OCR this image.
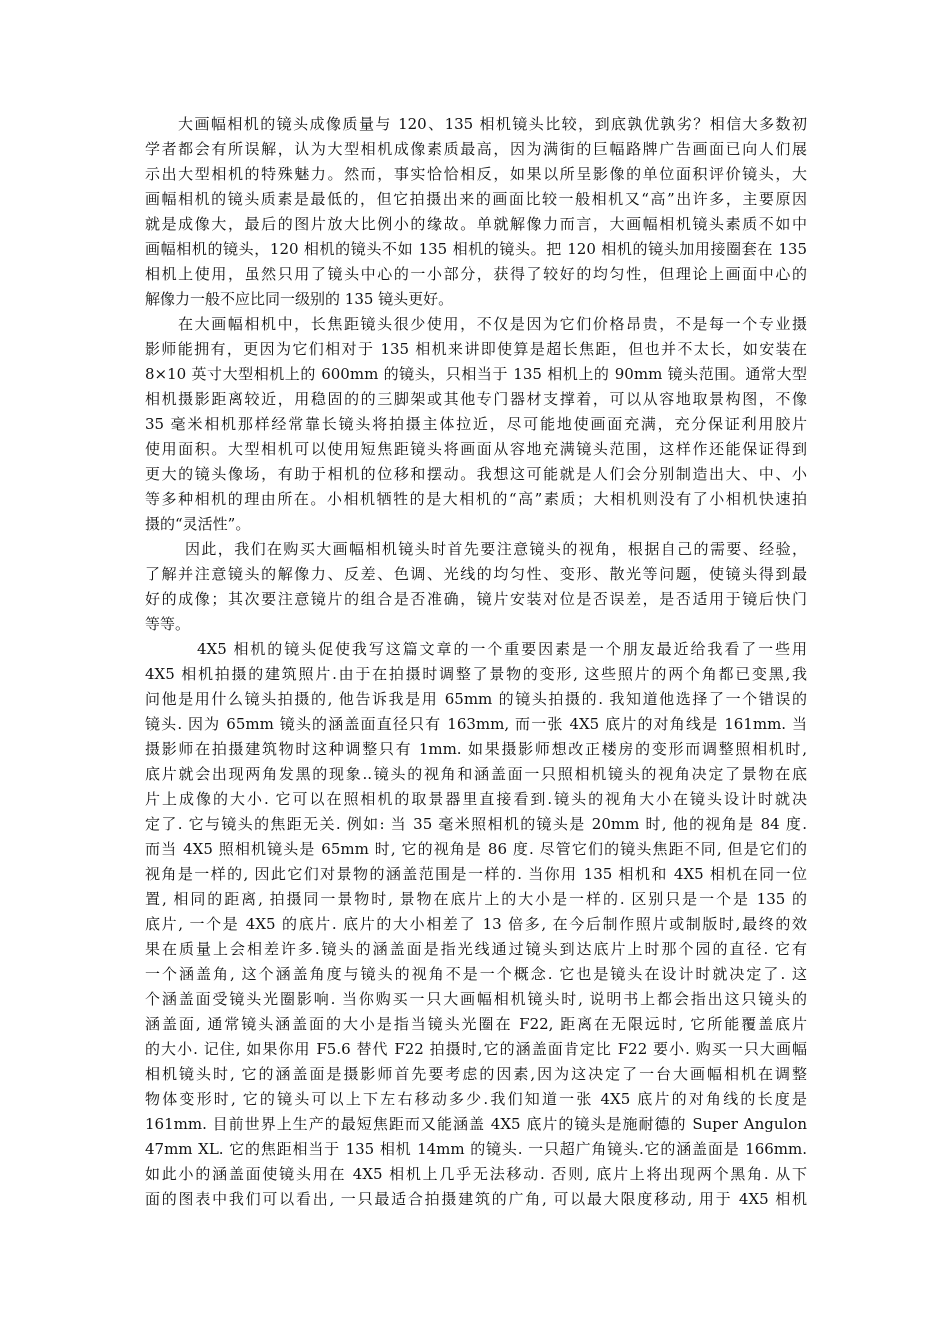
大画幅相机的镜头成像质量与 120、135 相机镜头比较，到底孰优孰劣？相信大多数初
学者都会有所误解，认为大型相机成像素质最高，因为满街的巨幅路牌广告画面已向人们展
示出大型相机的特殊魅力。然而，事实恰恰相反，如果以所呈影像的单位面积评价镜头，大
画幅相机的镜头质素是最低的，但它拍摄出来的画面比较一般相机又“高”出许多，主要原因
就是成像大，最后的图片放大比例小的缘故。单就解像力而言，大画幅相机镜头素质不如中
画幅相机的镜头，120 相机的镜头不如 135 相机的镜头。把 120 相机的镜头加用接圈套在 135
相机上使用，虽然只用了镜头中心的一小部分，获得了较好的均匀性，但理论上画面中心的
解像力一般不应比同一级别的 135 镜头更好。
在大画幅相机中，长焦距镜头很少使用，不仅是因为它们价格昂贵，不是每一个专业摄
影师能拥有，更因为它们相对于 135 相机来讲即使算是超长焦距，但也并不太长，如安装在
8×10 英寸大型相机上的 600mm 的镜头，只相当于 135 相机上的 90mm 镜头范围。通常大型
相机摄影距离较近，用稳固的的三脚架或其他专门器材支撑着，可以从容地取景构图，不像
35 毫米相机那样经常靠长镜头将拍摄主体拉近，尽可能地使画面充满，充分保证利用胶片
使用面积。大型相机可以使用短焦距镜头将画面从容地充满镜头范围，这样作还能保证得到
更大的镜头像场，有助于相机的位移和摆动。我想这可能就是人们会分别制造出大、中、小
等多种相机的理由所在。小相机牺牲的是大相机的“高”素质；大相机则没有了小相机快速拍
摄的“灵活性”。
因此，我们在购买大画幅相机镜头时首先要注意镜头的视角，根据自己的需要、经验，
了解并注意镜头的解像力、反差、色调、光线的均匀性、变形、散光等问题，使镜头得到最
好的成像；其次要注意镜片的组合是否准确，镜片安装对位是否误差，是否适用于镜后快门
等等。
4X5 相机的镜头促使我写这篇文章的一个重要因素是一个朋友最近给我看了一些用
4X5 相机拍摄的建筑照片.由于在拍摄时调整了景物的变形, 这些照片的两个角都已变黑,我
问他是用什么镜头拍摄的, 他告诉我是用 65mm 的镜头拍摄的. 我知道他选择了一个错误的
镜头. 因为 65mm 镜头的涵盖面直径只有 163mm, 而一张 4X5 底片的对角线是 161mm. 当
摄影师在拍摄建筑物时这种调整只有 1mm. 如果摄影师想改正楼房的变形而调整照相机时,
底片就会出现两角发黑的现象..镜头的视角和涵盖面一只照相机镜头的视角决定了景物在底
片上成像的大小. 它可以在照相机的取景器里直接看到.镜头的视角大小在镜头设计时就决
定了. 它与镜头的焦距无关. 例如: 当 35 毫米照相机的镜头是 20mm 时, 他的视角是 84 度.
而当 4X5 照相机镜头是 65mm 时, 它的视角是 86 度. 尽管它们的镜头焦距不同, 但是它们的
视角是一样的, 因此它们对景物的涵盖范围是一样的. 当你用 135 相机和 4X5 相机在同一位
置, 相同的距离, 拍摄同一景物时, 景物在底片上的大小是一样的. 区别只是一个是 135 的
底片, 一个是 4X5 的底片. 底片的大小相差了 13 倍多, 在今后制作照片或制版时,最终的效
果在质量上会相差许多.镜头的涵盖面是指光线通过镜头到达底片上时那个园的直径. 它有
一个涵盖角, 这个涵盖角度与镜头的视角不是一个概念. 它也是镜头在设计时就决定了. 这
个涵盖面受镜头光圈影响. 当你购买一只大画幅相机镜头时, 说明书上都会指出这只镜头的
涵盖面, 通常镜头涵盖面的大小是指当镜头光圈在 F22, 距离在无限远时, 它所能覆盖底片
的大小. 记住, 如果你用 F5.6 替代 F22 拍摄时,它的涵盖面肯定比 F22 要小. 购买一只大画幅
相机镜头时, 它的涵盖面是摄影师首先要考虑的因素,因为这决定了一台大画幅相机在调整
物体变形时, 它的镜头可以上下左右移动多少.我们知道一张 4X5 底片的对角线的长度是
161mm. 目前世界上生产的最短焦距而又能涵盖 4X5 底片的镜头是施耐德的 Super Angulon
47mm XL. 它的焦距相当于 135 相机 14mm 的镜头. 一只超广角镜头.它的涵盖面是 166mm.
如此小的涵盖面使镜头用在 4X5 相机上几乎无法移动. 否则, 底片上将出现两个黑角. 从下
面的图表中我们可以看出, 一只最适合拍摄建筑的广角, 可以最大限度移动, 用于 4X5 相机
